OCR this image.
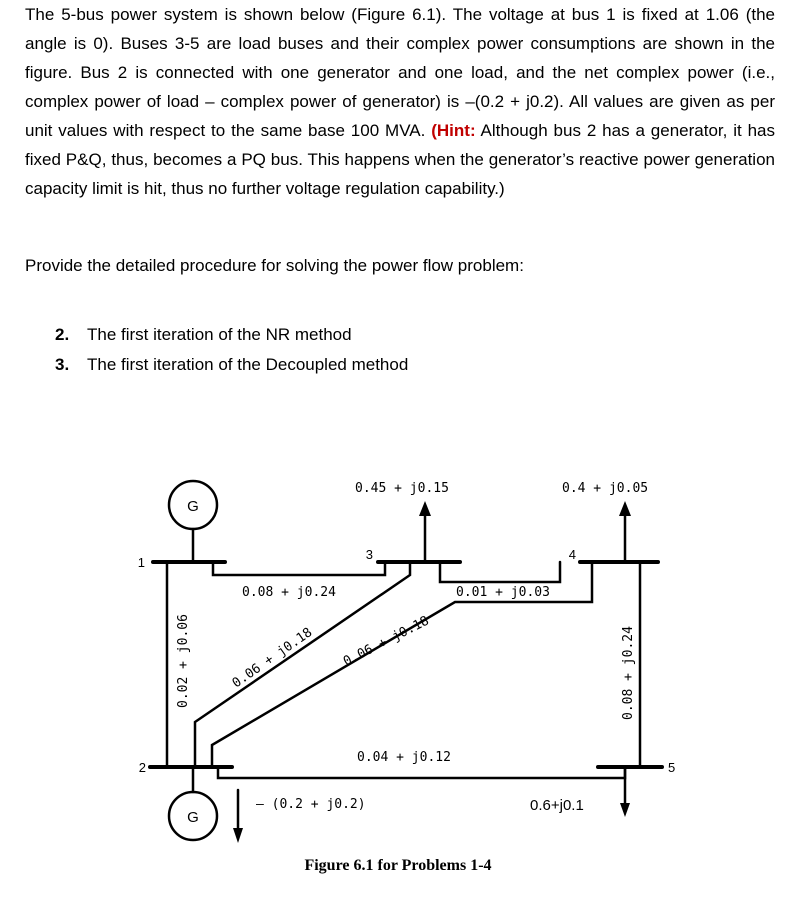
The 5-bus power system is shown below (Figure 6.1). The voltage at bus 1 is fixed at 1.06 (the angle is 0). Buses 3-5 are load buses and their complex power consumptions are shown in the figure. Bus 2 is connected with one generator and one load, and the net complex power (i.e., complex power of load – complex power of generator) is –(0.2 + j0.2). All values are given as per unit values with respect to the same base 100 MVA. (Hint: Although bus 2 has a generator, it has fixed P&Q, thus, becomes a PQ bus. This happens when the generator’s reactive power generation capacity limit is hit, thus no further voltage regulation capability.)
Provide the detailed procedure for solving the power flow problem:
2. The first iteration of the NR method
3. The first iteration of the Decoupled method
G
G
1
2
3	4
5
0.45 + j0.15	0.4 + j0.05
– (0.2 + j0.2)	0.6+j0.1
0.02 + j0.06
0.08 + j0.24
0.06 + j0.18 0.06 + j0.18
0.01 + j0.03
0.04 + j0.12
0.08 + j0.24
Figure 6.1 for Problems 1-4
